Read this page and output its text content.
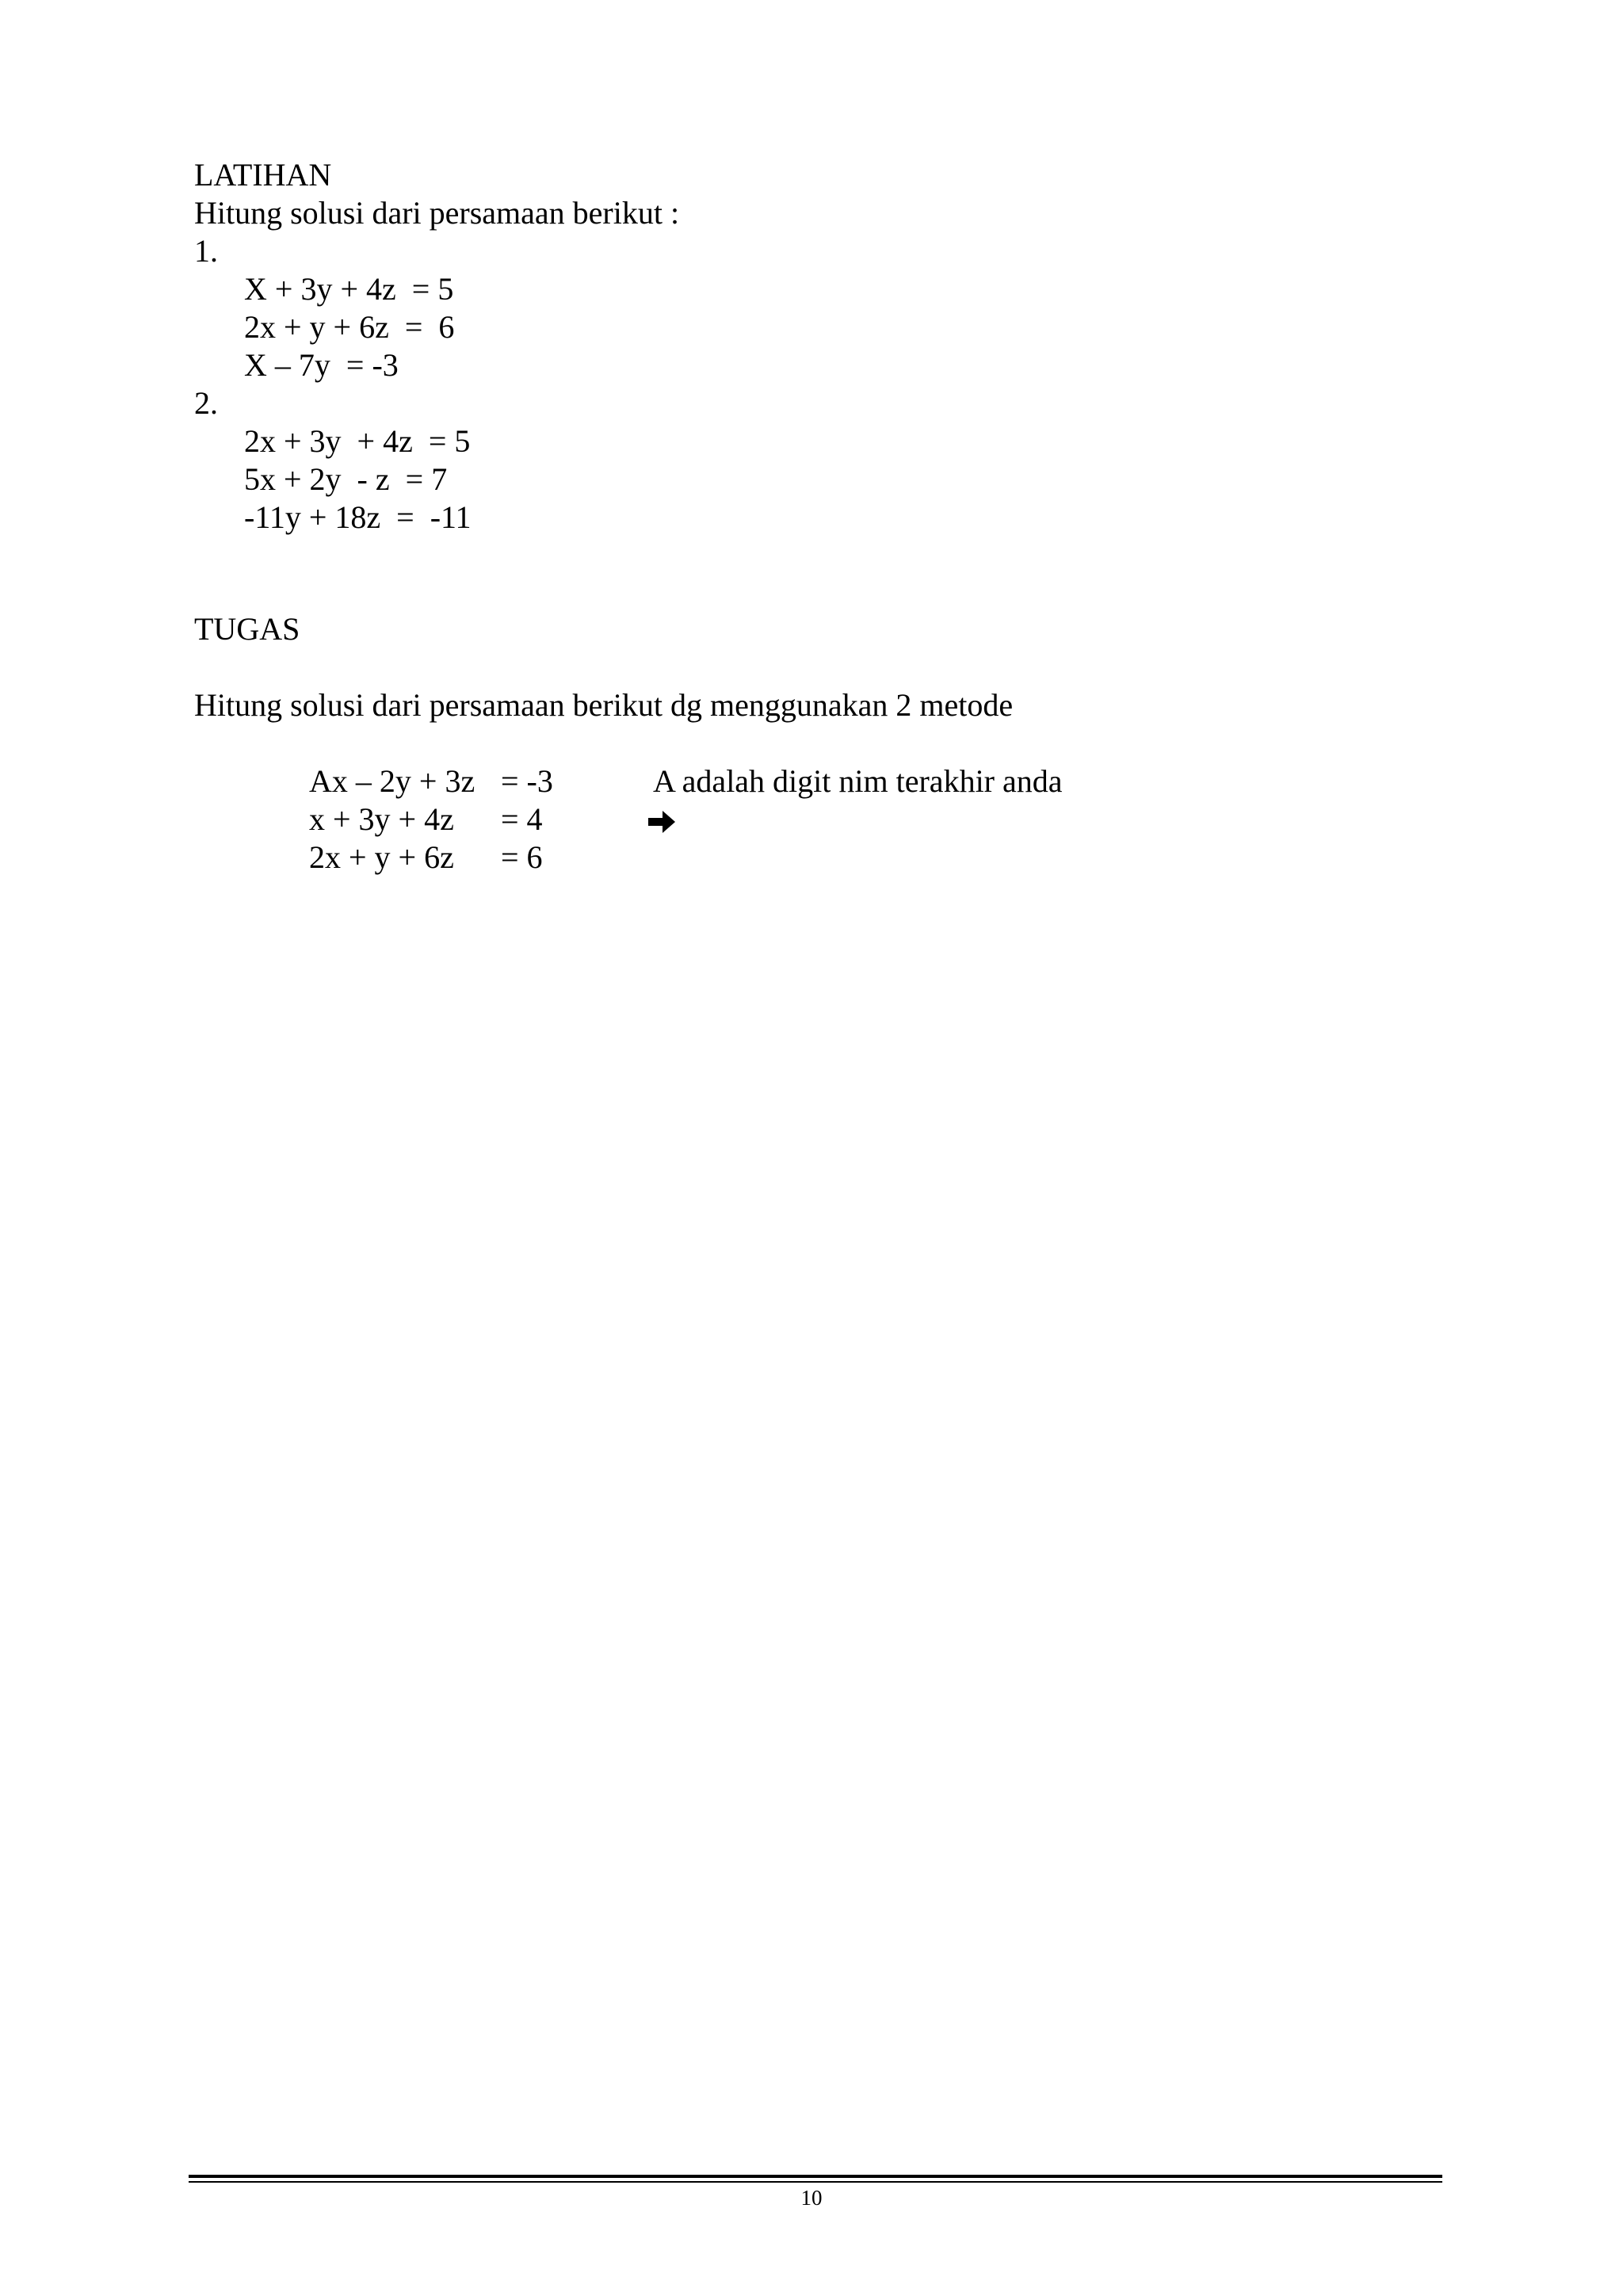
LATIHAN
Hitung solusi dari persamaan berikut :
1.
X + 3y + 4z  = 5
2x + y + 6z  =  6
X – 7y  = -3
2.
2x + 3y  + 4z  = 5
5x + 2y  - z  = 7
-11y + 18z  =  -11
TUGAS
Hitung solusi dari persamaan berikut dg menggunakan 2 metode
Ax – 2y + 3z = -3
x + 3y + 4z = 4
2x + y + 6z = 6

A adalah digit nim terakhir anda
10
